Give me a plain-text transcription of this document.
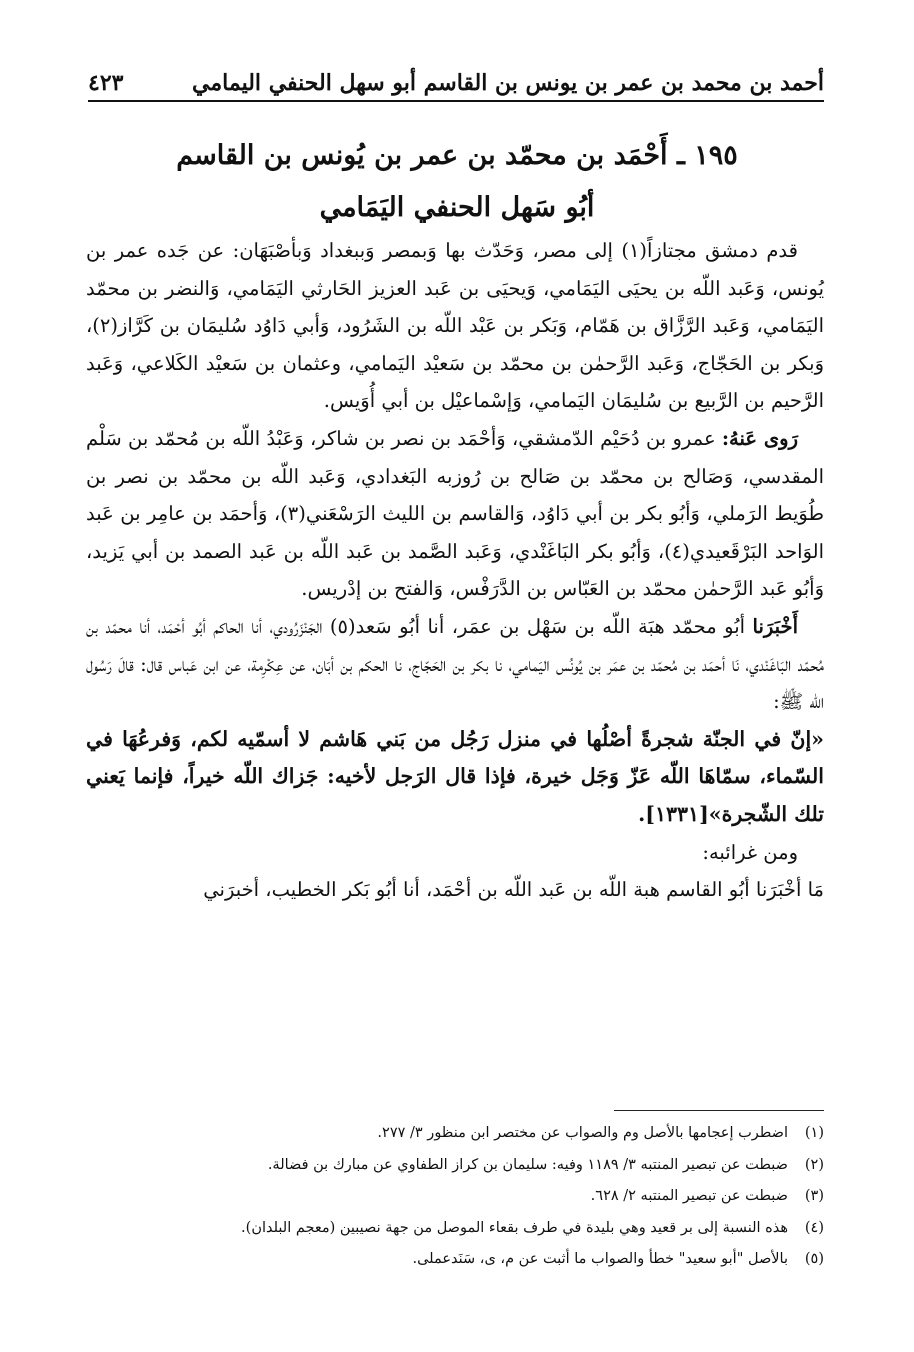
أحمد بن محمد بن عمر بن يونس بن القاسم أبو سهل الحنفي اليمامي
٤٢٣
١٩٥ ـ أَحْمَد بن محمّد بن عمر بن يُونس بن القاسم
أبُو سَهل الحنفي اليَمَامي

قدم دمشق مجتازاً(١) إلى مصر، وَحَدّث بها وَبمصر وَببغداد وَبأصْبَهَان: عن جَده عمر بن يُونس، وَعَبد اللّه بن يحيَى اليَمَامي، وَيحيَى بن عَبد العزيز الحَارثي اليَمَامي، وَالنضر بن محمّد اليَمَامي، وَعَبد الرَّزَّاق بن هَمّام، وَبَكر بن عَبْد اللّه بن الشَرُود، وَأبي دَاوُد سُليمَان بن كَرَّاز(٢)، وَبكر بن الحَجّاج، وَعَبد الرَّحمٰن بن محمّد بن سَعيْد اليَمامي، وعثمان بن سَعيْد الكَلاعي، وَعَبد الرَّحيم بن الرَّبيع بن سُليمَان اليَمامي، وَإسْماعيْل بن أبي أُوَيس.

رَوى عَنهُ: عمرو بن دُحَيْم الدّمشقي، وَأحْمَد بن نصر بن شاكر، وَعَبْدُ اللّه بن مُحمّد بن سَلْم المقدسي، وَصَالح بن محمّد بن صَالح بن رُوزبه البَغدادي، وَعَبد اللّه بن محمّد بن نصر بن طُوَيط الرَملي، وَأبُو بكر بن أبي دَاوُد، وَالقاسم بن الليث الرَسْعَني(٣)، وَأحمَد بن عامِر بن عَبد الوَاحد البَرْقَعيدي(٤)، وَأبُو بكر البَاغَنْدي، وَعَبد الصَّمد بن عَبد اللّه بن عَبد الصمد بن أبي يَزيد، وَأبُو عَبد الرَّحمٰن محمّد بن العَبّاس بن الدَّرَفْس، وَالفتح بن إدْريس.

أَخْبَرَنا أبُو محمّد هبَة اللّه بن سَهْل بن عمَر، أنا أبُو سَعد(٥) الجَنْزَرُودي، أنا الحاكم أبُو أحْمَد، أنا محمّد بن مُحمّد البَاغَنْدي، نَا أحمَد بن مُحمّد بن عمَر بن يُونُس اليَمامي، نا بكر بن الحَجّاج، نا الحكم بن أبَان، عن عِكْرِمة، عن ابن عَباس قال: قالَ رَسُول اللّه ﷺ:

«إنّ في الجنّة شجرةً أصْلُها في منزل رَجُل من بَني هَاشم لا أسمّيه لكم، وَفرعُهَا في السّماء، سمّاهَا اللّه عَزّ وَجَل خيرة، فإذا قال الرَجل لأخيه: جَزاك اللّه خيراً، فإنما يَعني تلك الشّجرة»[١٣٣١].

ومن غرائبه:

مَا أخْبَرَنا أبُو القاسم هبة اللّه بن عَبد اللّه بن أحْمَد، أنا أبُو بَكر الخطيب، أخبرَني

(١)
اضطرب إعجامها بالأصل وم والصواب عن مختصر ابن منظور ٣/ ٢٧٧.
(٢)
ضبطت عن تبصير المنتبه ٣/ ١١٨٩ وفيه: سليمان بن كراز الطفاوي عن مبارك بن فضالة.
(٣)
ضبطت عن تبصير المنتبه ٢/ ٦٢٨.
(٤)
هذه النسبة إلى بر قعيد وهي بليدة في طرف بقعاء الموصل من جهة نصيبين (معجم البلدان).
(٥)
بالأصل "أبو سعيد" خطأ والصواب ما أثبت عن م، ى، سَنَدعملى.
